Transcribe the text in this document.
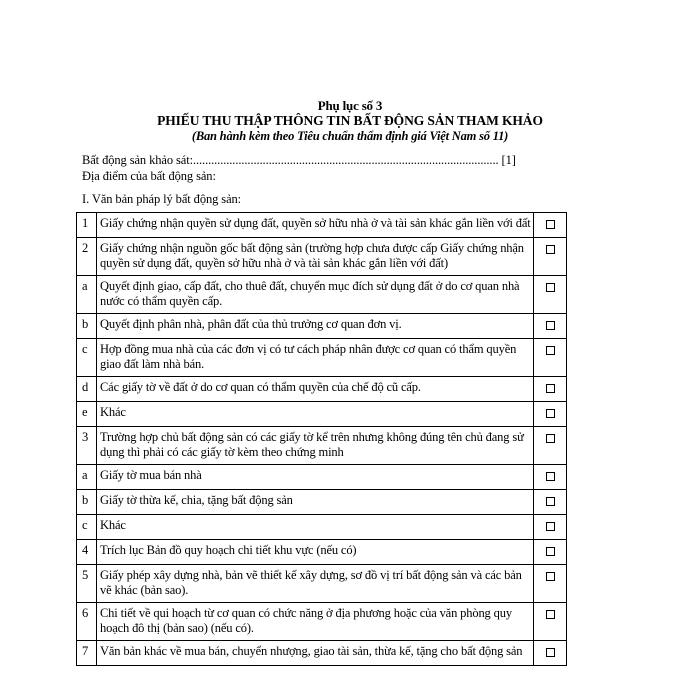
Phụ lục số 3
PHIẾU THU THẬP THÔNG TIN BẤT ĐỘNG SẢN THAM KHẢO
(Ban hành kèm theo Tiêu chuẩn thẩm định giá Việt Nam số 11)
Bất động sản khảo sát:..................................................................................................... [1]
Địa điểm của bất động sản:
I. Văn bản pháp lý bất động sản:
1	Giấy chứng nhận quyền sử dụng đất, quyền sở hữu nhà ở và tài sản khác gắn liền với đất	
2	Giấy chứng nhận nguồn gốc bất động sản (trường hợp chưa được cấp Giấy chứng nhận quyền sử dụng đất, quyền sở hữu nhà ở và tài sản khác gắn liền với đất)	
a	Quyết định giao, cấp đất, cho thuê đất, chuyển mục đích sử dụng đất ở do cơ quan nhà nước có thẩm quyền cấp.	
b	Quyết định phân nhà, phân đất của thủ trưởng cơ quan đơn vị.	
c	Hợp đồng mua nhà của các đơn vị có tư cách pháp nhân được cơ quan có thẩm quyền giao đất làm nhà bán.	
d	Các giấy tờ về đất ở do cơ quan có thẩm quyền của chế độ cũ cấp.	
e	Khác	
3	Trường hợp chủ bất động sản có các giấy tờ kể trên nhưng không đúng tên chủ đang sử dụng thì phải có các giấy tờ kèm theo chứng minh	
a	Giấy tờ mua bán nhà	
b	Giấy tờ thừa kế, chia, tặng bất động sản	
c	Khác	
4	Trích lục Bản đồ quy hoạch chi tiết khu vực (nếu có)	
5	Giấy phép xây dựng nhà, bản vẽ thiết kế xây dựng, sơ đồ vị trí bất động sản và các bản vẽ khác (bản sao).	
6	Chi tiết về qui hoạch từ cơ quan có chức năng ở địa phương hoặc của văn phòng quy hoạch đô thị (bản sao) (nếu có).	
7	Văn bản khác về mua bán, chuyển nhượng, giao tài sản, thừa kế, tặng cho bất động sản	
